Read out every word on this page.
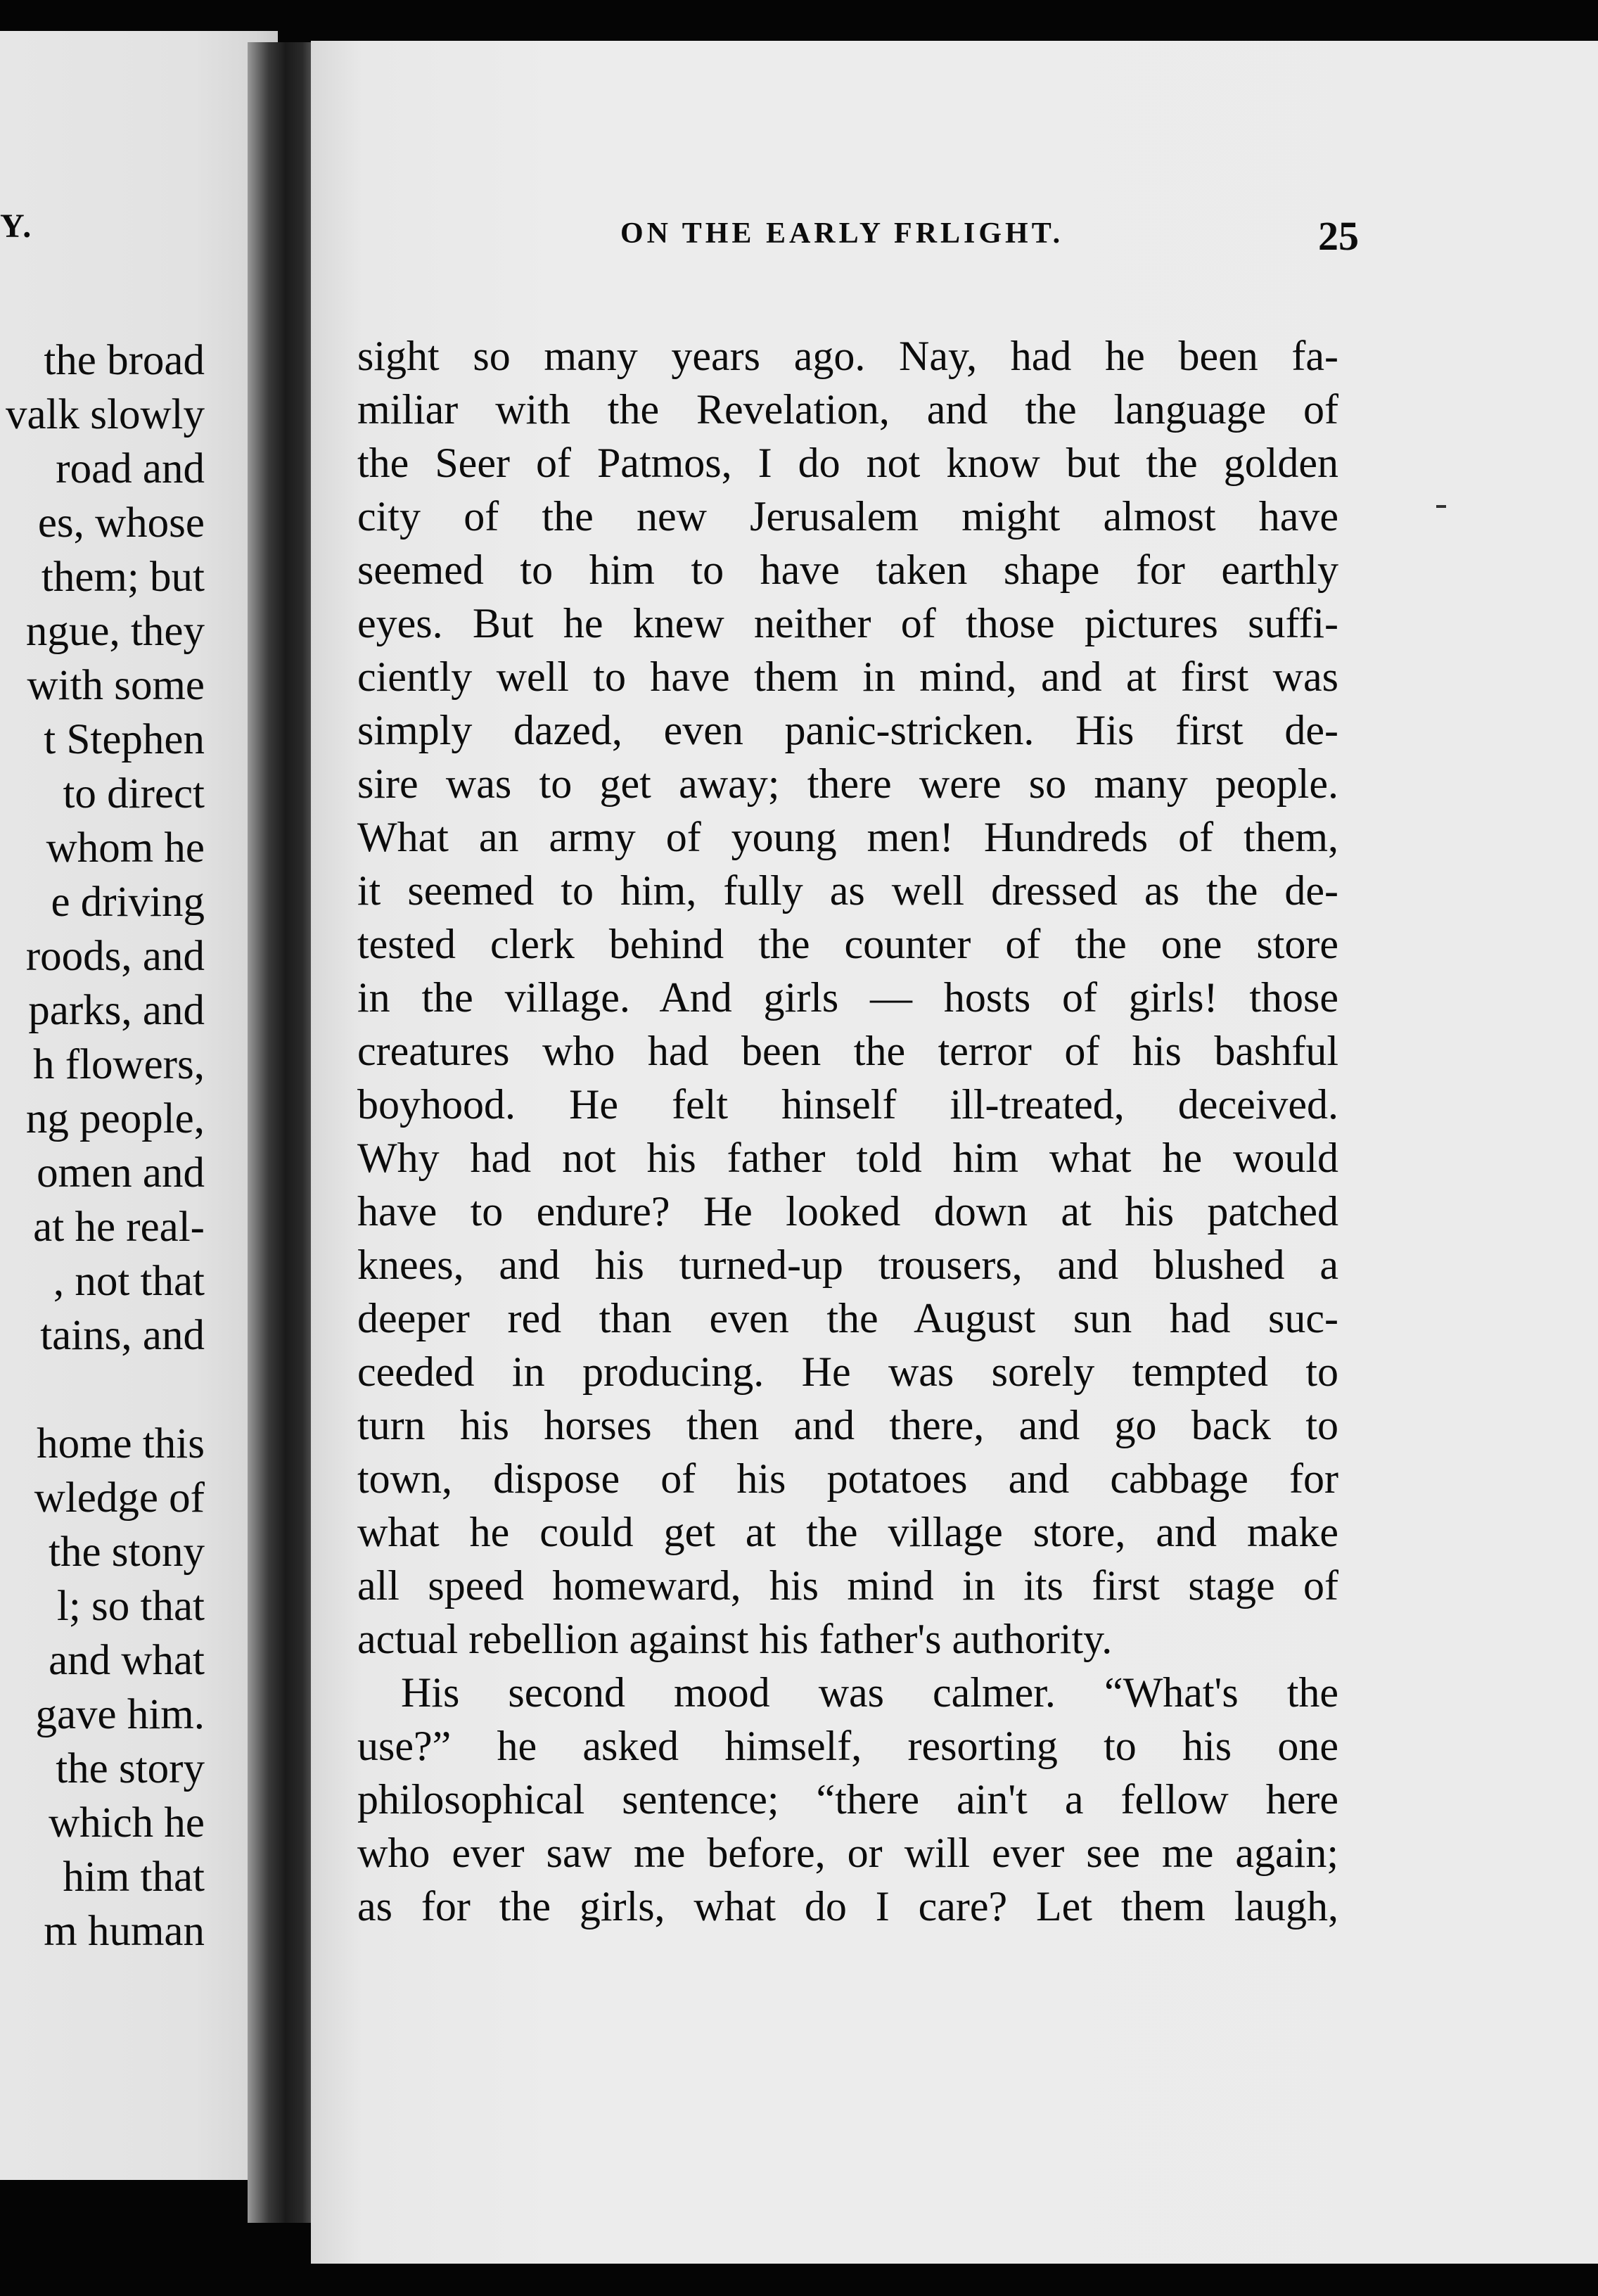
Y.
the broad
valk slowly
road and
es, whose
them; but
ngue, they
with some
t Stephen
to direct
whom he
e driving
roods, and
parks, and
h flowers,
ng people,
omen and
at he real-
, not that
tains, and
home this
wledge of
the stony
l; so that
and what
gave him.
the story
which he
him that
m human
ON THE EARLY FRLIGHT.	25
sight so many years ago. Nay, had he been fa-
miliar with the Revelation, and the language of
the Seer of Patmos, I do not know but the golden
city of the new Jerusalem might almost have
seemed to him to have taken shape for earthly
eyes. But he knew neither of those pictures suffi-
ciently well to have them in mind, and at first was
simply dazed, even panic-stricken. His first de-
sire was to get away; there were so many people.
What an army of young men! Hundreds of them,
it seemed to him, fully as well dressed as the de-
tested clerk behind the counter of the one store
in the village. And girls — hosts of girls! those
creatures who had been the terror of his bashful
boyhood. He felt hinself ill-treated, deceived.
Why had not his father told him what he would
have to endure? He looked down at his patched
knees, and his turned-up trousers, and blushed a
deeper red than even the August sun had suc-
ceeded in producing. He was sorely tempted to
turn his horses then and there, and go back to
town, dispose of his potatoes and cabbage for
what he could get at the village store, and make
all speed homeward, his mind in its first stage of
actual rebellion against his father's authority.
His second mood was calmer. “What's the
use?” he asked himself, resorting to his one
philosophical sentence; “there ain't a fellow here
who ever saw me before, or will ever see me again;
as for the girls, what do I care? Let them laugh,
